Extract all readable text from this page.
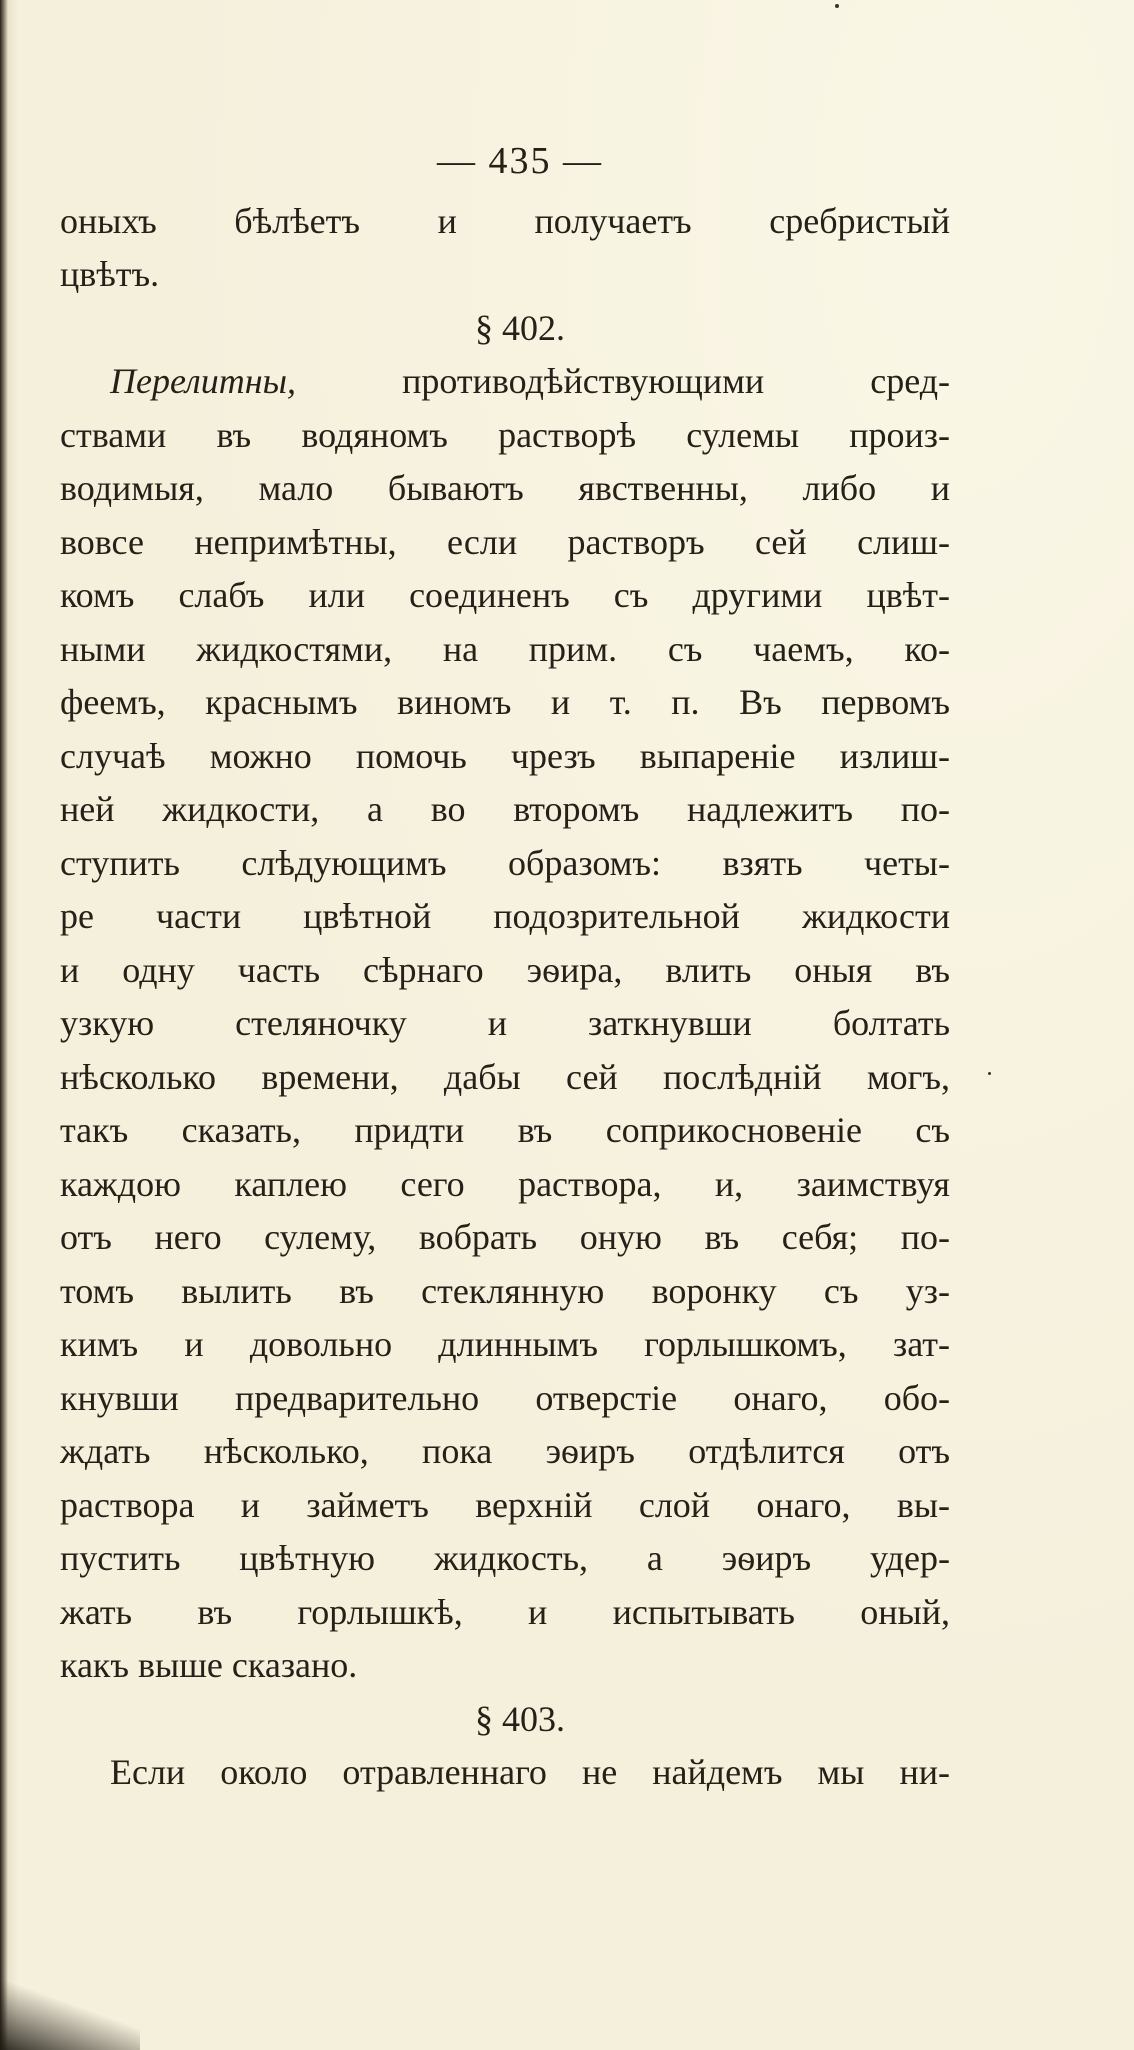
— 435 —
оныхъ бѣлѣетъ и получаетъ сребристый
цвѣтъ.
§ 402.
Перелитны,	противодѣйствующими сред-
ствами въ водяномъ растворѣ сулемы произ-
водимыя, мало бываютъ явственны, либо и
вовсе непримѣтны, если растворъ сей слиш-
комъ слабъ или соединенъ съ другими цвѣт-
ными жидкостями, на прим. съ чаемъ, ко-
феемъ, краснымъ виномъ и т. п. Въ первомъ
случаѣ можно помочь чрезъ выпареніе излиш-
ней жидкости, а во второмъ надлежитъ по-
ступить слѣдующимъ образомъ: взять четы-
ре части цвѣтной подозрительной жидкости
и одну часть сѣрнаго эѳира, влить оныя въ
узкую стеляночку и заткнувши болтать
нѣсколько времени, дабы сей послѣдній могъ,
такъ сказать, придти въ соприкосновеніе съ
каждою каплею сего раствора, и, заимствуя
отъ него сулему, вобрать оную въ себя; по-
томъ вылить въ стеклянную воронку съ уз-
кимъ и довольно длиннымъ горлышкомъ, зат-
кнувши предварительно отверстіе онаго, обо-
ждать нѣсколько, пока эѳиръ отдѣлится отъ
раствора и займетъ верхній слой онаго, вы-
пустить цвѣтную жидкость, а эѳиръ удер-
жать въ горлышкѣ, и испытывать оный,
какъ выше сказано.
§ 403.
Если около отравленнаго не найдемъ мы ни-
